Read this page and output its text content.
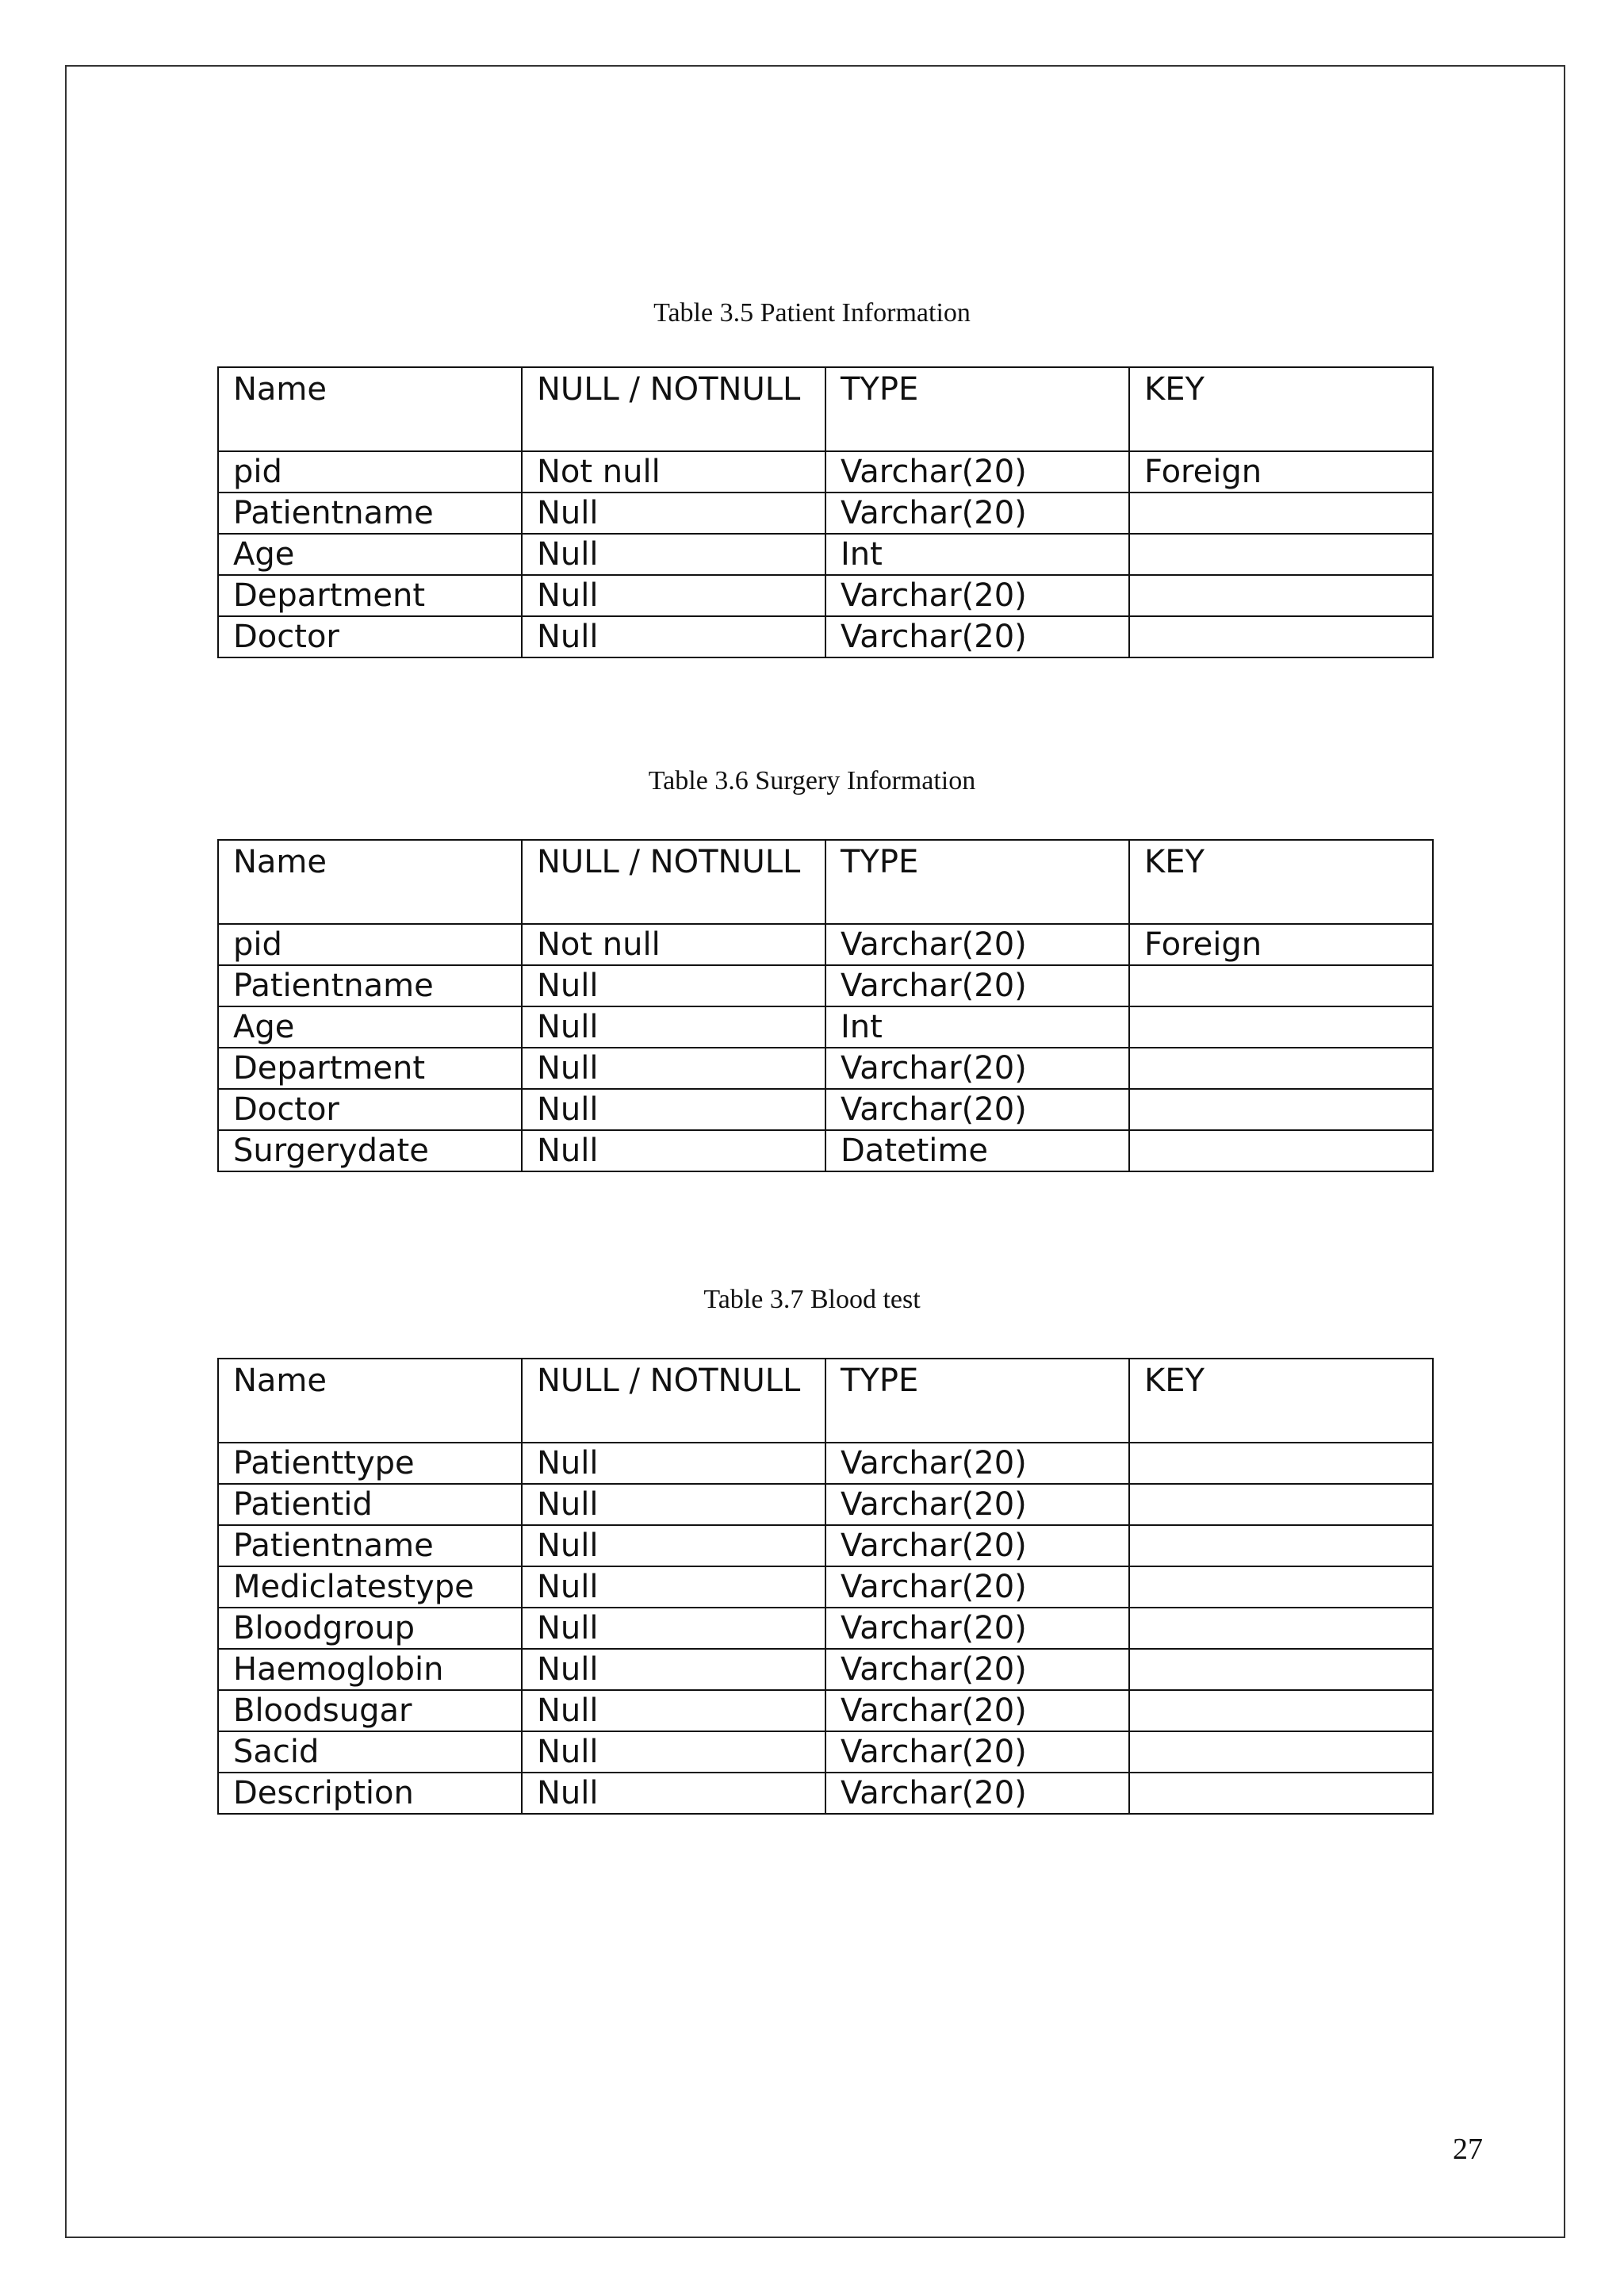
Table 3.5 Patient Information
Name	NULL / NOTNULL	TYPE	KEY
pid	Not null	Varchar(20)	Foreign
Patientname	Null	Varchar(20)	
Age	Null	Int	
Department	Null	Varchar(20)	
Doctor	Null	Varchar(20)	
Table 3.6 Surgery Information
Name	NULL / NOTNULL	TYPE	KEY
pid	Not null	Varchar(20)	Foreign
Patientname	Null	Varchar(20)	
Age	Null	Int	
Department	Null	Varchar(20)	
Doctor	Null	Varchar(20)	
Surgerydate	Null	Datetime	
Table 3.7 Blood test
Name	NULL / NOTNULL	TYPE	KEY
Patienttype	Null	Varchar(20)	
Patientid	Null	Varchar(20)	
Patientname	Null	Varchar(20)	
Mediclatestype	Null	Varchar(20)	
Bloodgroup	Null	Varchar(20)	
Haemoglobin	Null	Varchar(20)	
Bloodsugar	Null	Varchar(20)	
Sacid	Null	Varchar(20)	
Description	Null	Varchar(20)	
27
